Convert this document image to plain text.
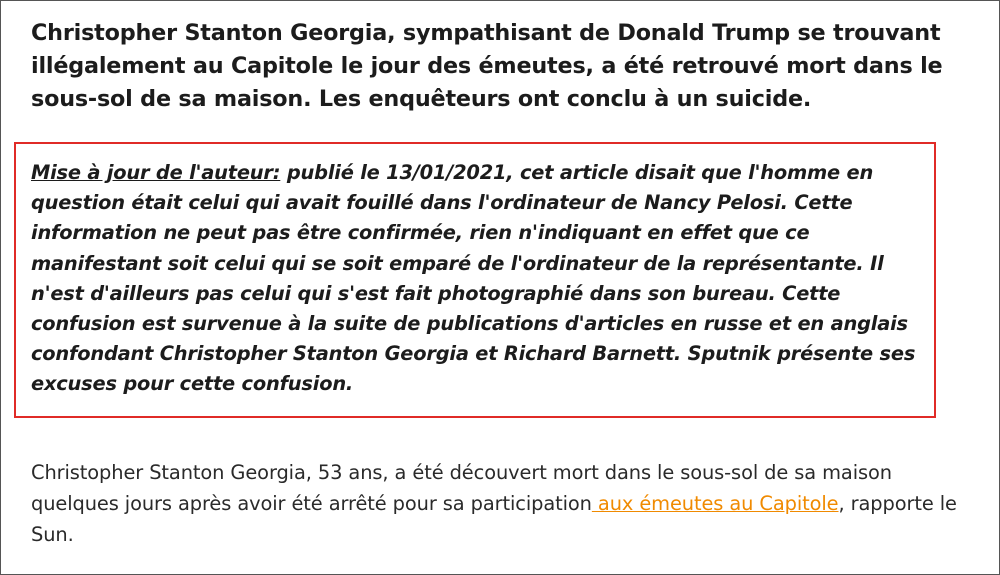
Christopher Stanton Georgia, sympathisant de Donald Trump se trouvant illégalement au Capitole le jour des émeutes, a été retrouvé mort dans le sous-sol de sa maison. Les enquêteurs ont conclu à un suicide.

Mise à jour de l'auteur: publié le 13/01/2021, cet article disait que l'homme en question était celui qui avait fouillé dans l'ordinateur de Nancy Pelosi. Cette information ne peut pas être confirmée, rien n'indiquant en effet que ce manifestant soit celui qui se soit emparé de l'ordinateur de la représentante. Il n'est d'ailleurs pas celui qui s'est fait photographié dans son bureau. Cette confusion est survenue à la suite de publications d'articles en russe et en anglais confondant Christopher Stanton Georgia et Richard Barnett. Sputnik présente ses excuses pour cette confusion.

Christopher Stanton Georgia, 53 ans, a été découvert mort dans le sous-sol de sa maison quelques jours après avoir été arrêté pour sa participation aux émeutes au Capitole, rapporte le Sun.
